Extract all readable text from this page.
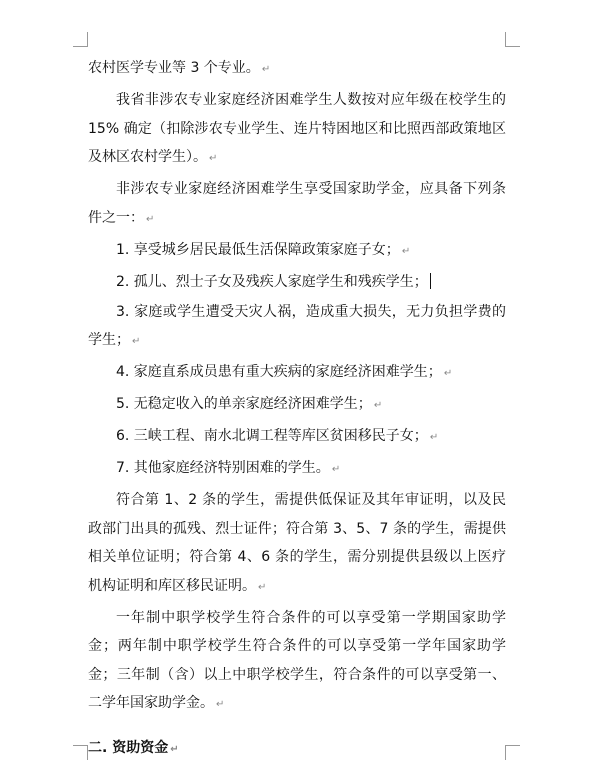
农村医学专业等 3 个专业。 ↵

我省非涉农专业家庭经济困难学生人数按对应年级在校学生的 15% 确定（扣除涉农专业学生、连片特困地区和比照西部政策地区及林区农村学生）。 ↵

非涉农专业家庭经济困难学生享受国家助学金，应具备下列条件之一： ↵

1. 享受城乡居民最低生活保障政策家庭子女； ↵

2. 孤儿、烈士子女及残疾人家庭学生和残疾学生；

3. 家庭或学生遭受天灾人祸，造成重大损失，无力负担学费的学生； ↵

4. 家庭直系成员患有重大疾病的家庭经济困难学生； ↵

5. 无稳定收入的单亲家庭经济困难学生； ↵

6. 三峡工程、南水北调工程等库区贫困移民子女； ↵

7. 其他家庭经济特别困难的学生。 ↵

符合第 1、2 条的学生，需提供低保证及其年审证明，以及民政部门出具的孤残、烈士证件；符合第 3、5、7 条的学生，需提供相关单位证明；符合第 4、6 条的学生，需分别提供县级以上医疗机构证明和库区移民证明。 ↵

一年制中职学校学生符合条件的可以享受第一学期国家助学金；两年制中职学校学生符合条件的可以享受第一学年国家助学金；三年制（含）以上中职学校学生，符合条件的可以享受第一、二学年国家助学金。 ↵

二. 资助资金 ↵
